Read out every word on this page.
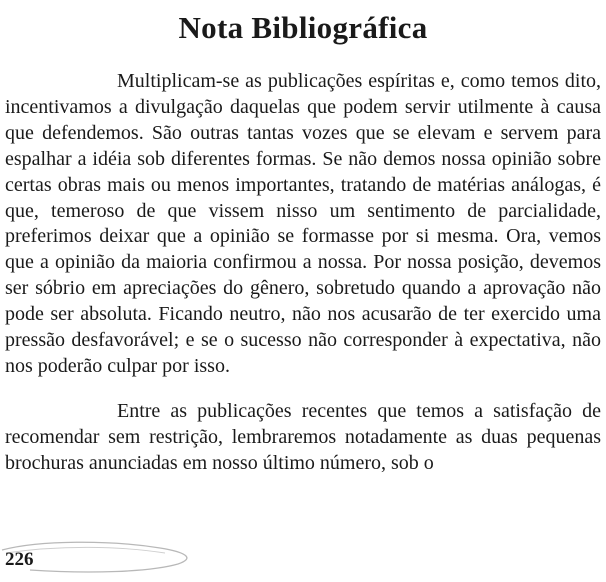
Nota Bibliográfica

Multiplicam-se as publicações espíritas e, como temos dito, incentivamos a divulgação daquelas que podem servir utilmente à causa que defendemos. São outras tantas vozes que se elevam e servem para espalhar a idéia sob diferentes formas. Se não demos nossa opinião sobre certas obras mais ou menos importantes, tratando de matérias análogas, é que, temeroso de que vissem nisso um sentimento de parcialidade, preferimos deixar que a opinião se formasse por si mesma. Ora, vemos que a opinião da maioria confirmou a nossa. Por nossa posição, devemos ser sóbrio em apreciações do gênero, sobretudo quando a aprovação não pode ser absoluta. Ficando neutro, não nos acusarão de ter exercido uma pressão desfavorável; e se o sucesso não corresponder à expectativa, não nos poderão culpar por isso.

Entre as publicações recentes que temos a satisfação de recomendar sem restrição, lembraremos notadamente as duas pequenas brochuras anunciadas em nosso último número, sob o

226
